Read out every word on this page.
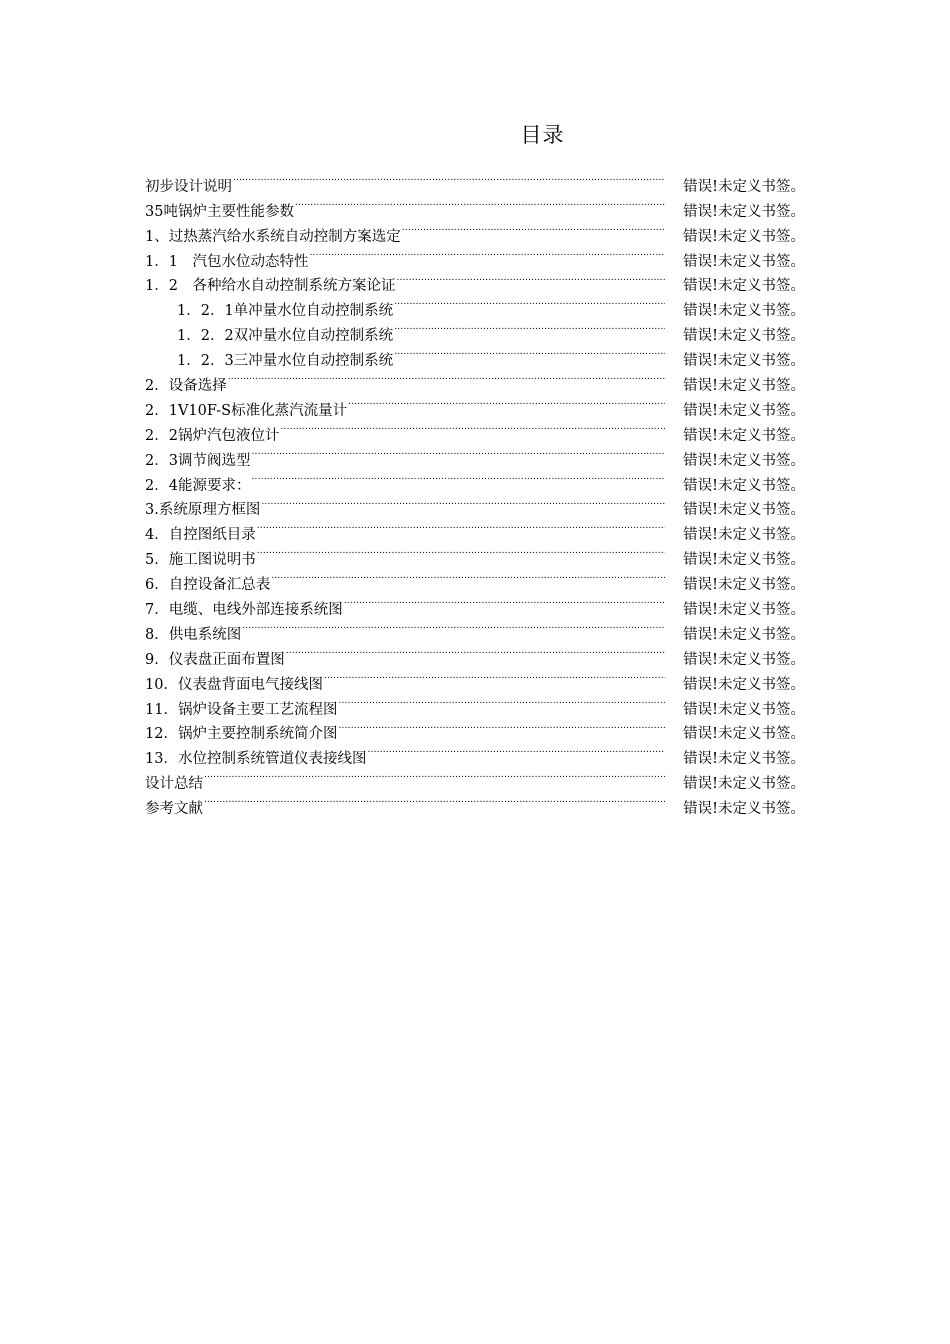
目录
初步设计说明 .....	错误!未定义书签。
35吨锅炉主要性能参数 .....	错误!未定义书签。
1、过热蒸汽给水系统自动控制方案选定 .....	错误!未定义书签。
1．1　汽包水位动态特性 .....	错误!未定义书签。
1．2　各种给水自动控制系统方案论证 .....	错误!未定义书签。
1．2．1单冲量水位自动控制系统 .....	错误!未定义书签。
1．2．2双冲量水位自动控制系统 .....	错误!未定义书签。
1．2．3三冲量水位自动控制系统 .....	错误!未定义书签。
2．设备选择 .....	错误!未定义书签。
2．1V10F-S标准化蒸汽流量计 .....	错误!未定义书签。
2．2锅炉汽包液位计 .....	错误!未定义书签。
2．3调节阀选型 .....	错误!未定义书签。
2．4能源要求： .....	错误!未定义书签。
3.系统原理方框图 .....	错误!未定义书签。
4．自控图纸目录 .....	错误!未定义书签。
5．施工图说明书 .....	错误!未定义书签。
6．自控设备汇总表 .....	错误!未定义书签。
7．电缆、电线外部连接系统图 .....	错误!未定义书签。
8．供电系统图 .....	错误!未定义书签。
9．仪表盘正面布置图 .....	错误!未定义书签。
10．仪表盘背面电气接线图 .....	错误!未定义书签。
11．锅炉设备主要工艺流程图 .....	错误!未定义书签。
12．锅炉主要控制系统简介图 .....	错误!未定义书签。
13．水位控制系统管道仪表接线图 .....	错误!未定义书签。
设计总结 .....	错误!未定义书签。
参考文献 .....	错误!未定义书签。
